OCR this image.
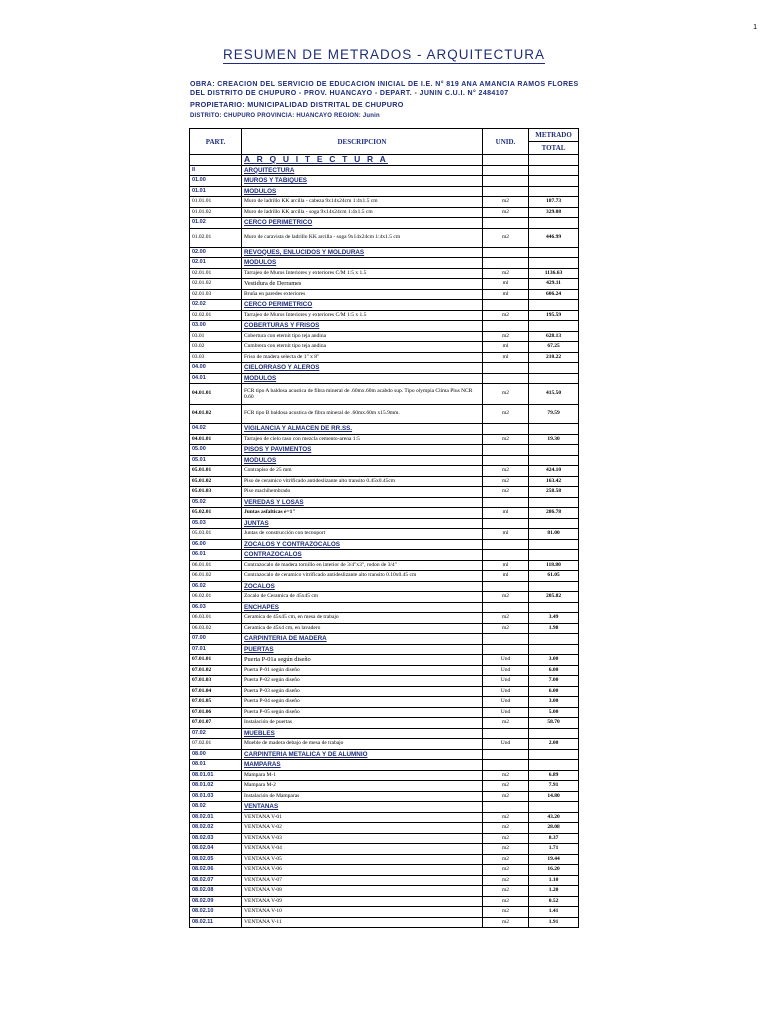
1
RESUMEN DE METRADOS - ARQUITECTURA
OBRA: CREACION DEL SERVICIO DE EDUCACION INICIAL DE I.E. N° 819 ANA AMANCIA RAMOS FLORES
DEL DISTRITO DE CHUPURO - PROV. HUANCAYO - DEPART. - JUNIN C.U.I. N° 2484107
PROPIETARIO: MUNICIPALIDAD DISTRITAL DE CHUPURO
DISTRITO: CHUPURO PROVINCIA: HUANCAYO REGION: Junin
PART.	DESCRIPCION	UNID.	METRADO
			TOTAL
	A R Q U I T E C T U R A		
II	ARQUITECTURA		
01.00	MUROS Y TABIQUES		
01.01	MODULOS		
01.01.01	Muro de ladrillo KK arcilla - cabeza 9x14x24cm 1:4x1.5 cm	m2	187.73
01.01.02	Muro de ladrillo KK arcilla - soga 9x14x24cm 1:4x1.5 cm	m2	329.08
01.02	CERCO PERIMETRICO		
01.02.01	Muro de caravista de ladrillo KK arcilla - soga 9x14x24cm 1:4x1.5 cm	m2	446.99
02.00	REVOQUES, ENLUCIDOS Y MOLDURAS		
02.01	MODULOS		
02.01.01	Tarrajeo de Muros Interiores y exteriores C/M 1:5 x 1.5	m2	1136.63
02.01.02	Vestidura de Derrames	ml	429.11
02.01.03	Bruña en paredes exteriores	ml	606.24
02.02	CERCO PERIMETRICO		
02.02.01	Tarrajeo de Muros Interiores y exteriores C/M 1:5 x 1.5	m2	195.59
03.00	COBERTURAS Y FRISOS		
03.01	Cobertura con eternit tipo teja andina	m2	628.13
03.02	Cumbrera con eternit tipo teja andina	ml	67.25
03.03	Friso de madera selecta de 1" x 8"	ml	210.22
04.00	CIELORRASO Y ALEROS		
04.01	MODULOS		
04.01.01	FCR tipo A baldosa acustica de fibra mineral de .60mx.60m acabdo sup. Tipo olympia Clima Plus NCR 0.60	m2	415.50
04.01.02	FCR tipo B baldosa acustica de fibra mineral de .60mx.60m x15.9mm.	m2	79.59
04.02	VIGILANCIA Y ALMACEN DE RR.SS.		
04.01.01	Tarrajeo de cielo raso con mezcla cemento-arena 1:5	m2	19.30
05.00	PISOS Y PAVIMENTOS		
05.01	MODULOS		
05.01.01	Contrapiso de 25 mm	m2	424.10
05.01.02	Piso de ceramico vitrificado antideslizante alto transito 0.45x0.45cm	m2	163.42
05.01.03	Piso machihembrado	m2	258.58
05.02	VEREDAS Y LOSAS		
05.02.01	Juntas asfalticas e=1"	ml	286.78
05.03	JUNTAS		
05.03.01	Juntas de construcción con tecnoport	ml	81.00
06.00	ZOCALOS Y CONTRAZOCALOS		
06.01	CONTRAZOCALOS		
06.01.01	Contrazocalo de madera tornillo en interior de 3/4"x3", rodon de 3/4"	ml	118.80
06.01.02	Contrazocalo de ceramico vitrificado antideslizante alto transito 0.10x0.45 cm	ml	61.05
06.02	ZOCALOS		
06.02.01	Zocalo de Ceramica de 45x45 cm	m2	205.82
06.03	ENCHAPES		
06.03.01	Ceramica de 45x45 cm, en mesa de trabajo	m2	3.49
06.03.02	Ceramica de 45x4 cm, en lavadero	m2	1.98
07.00	CARPINTERIA DE MADERA		
07.01	PUERTAS		
07.01.01	Puerta P-01a según diseño	Und	3.00
07.01.02	Puerta P-01 según diseño	Und	6.00
07.01.03	Puerta P-02 según diseño	Und	7.00
07.01.04	Puerta P-03 según diseño	Und	6.00
07.01.05	Puerta P-04 según diseño	Und	3.00
07.01.06	Puerta P-05 según diseño	Und	5.00
07.01.07	Instalación de puertas	m2	58.70
07.02	MUEBLES		
07.02.01	Mueble de madera debajo de mesa de trabajo	Und	2.00
08.00	CARPINTERIA METALICA Y DE ALUMNIO		
08.01	MAMPARAS		
08.01.01	Mampara M-1	m2	6.89
08.01.02	Mampara M-2	m2	7.91
08.01.03	Instalación de Mamparas	m2	14.80
08.02	VENTANAS		
08.02.01	VENTANA V-01	m2	43.20
08.02.02	VENTANA V-02	m2	28.08
08.02.03	VENTANA V-03	m2	8.37
08.02.04	VENTANA V-04	m2	1.71
08.02.05	VENTANA V-05	m2	19.44
08.02.06	VENTANA V-06	m2	16.20
08.02.07	VENTANA V-07	m2	1.10
08.02.08	VENTANA V-08	m2	1.20
08.02.09	VENTANA V-09	m2	0.52
08.02.10	VENTANA V-10	m2	1.41
08.02.11	VENTANA V-11	m2	1.91
